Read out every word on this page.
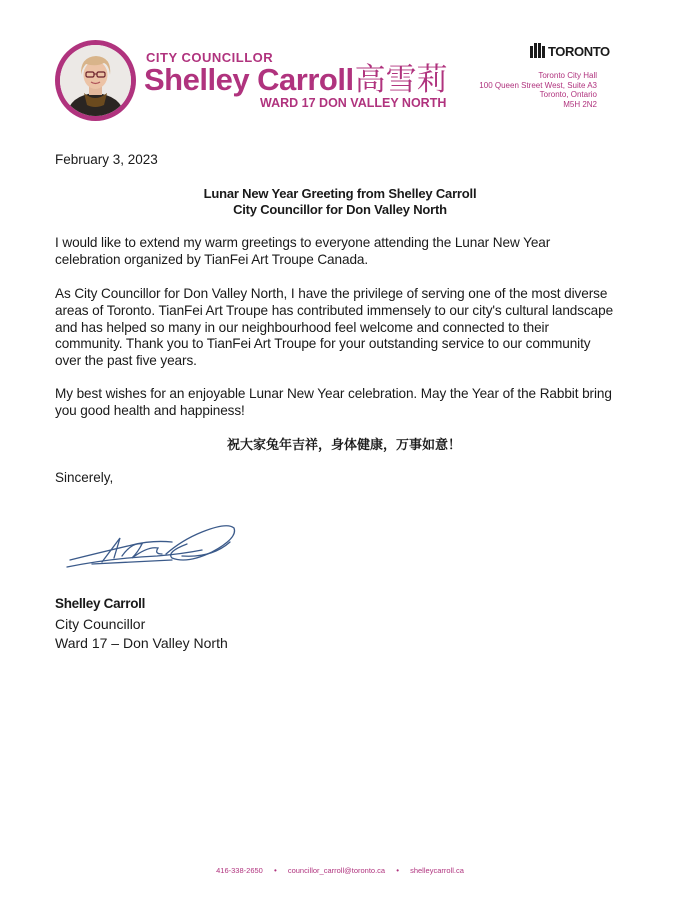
CITY COUNCILLOR
Shelley Carroll高雪莉
WARD 17 DON VALLEY NORTH
TORONTO
Toronto City Hall
100 Queen Street West, Suite A3
Toronto, Ontario
M5H 2N2
February 3, 2023
Lunar New Year Greeting from Shelley Carroll
City Councillor for Don Valley North
I would like to extend my warm greetings to everyone attending the Lunar New Year celebration organized by TianFei Art Troupe Canada.
As City Councillor for Don Valley North, I have the privilege of serving one of the most diverse areas of Toronto. TianFei Art Troupe has contributed immensely to our city's cultural landscape and has helped so many in our neighbourhood feel welcome and connected to their community. Thank you to TianFei Art Troupe for your outstanding service to our community over the past five years.
My best wishes for an enjoyable Lunar New Year celebration. May the Year of the Rabbit bring you good health and happiness!
祝大家兔年吉祥，身体健康，万事如意！
Sincerely,
Shelley Carroll
City Councillor
Ward 17 – Don Valley North
416-338-2650 • councillor_carroll@toronto.ca • shelleycarroll.ca
